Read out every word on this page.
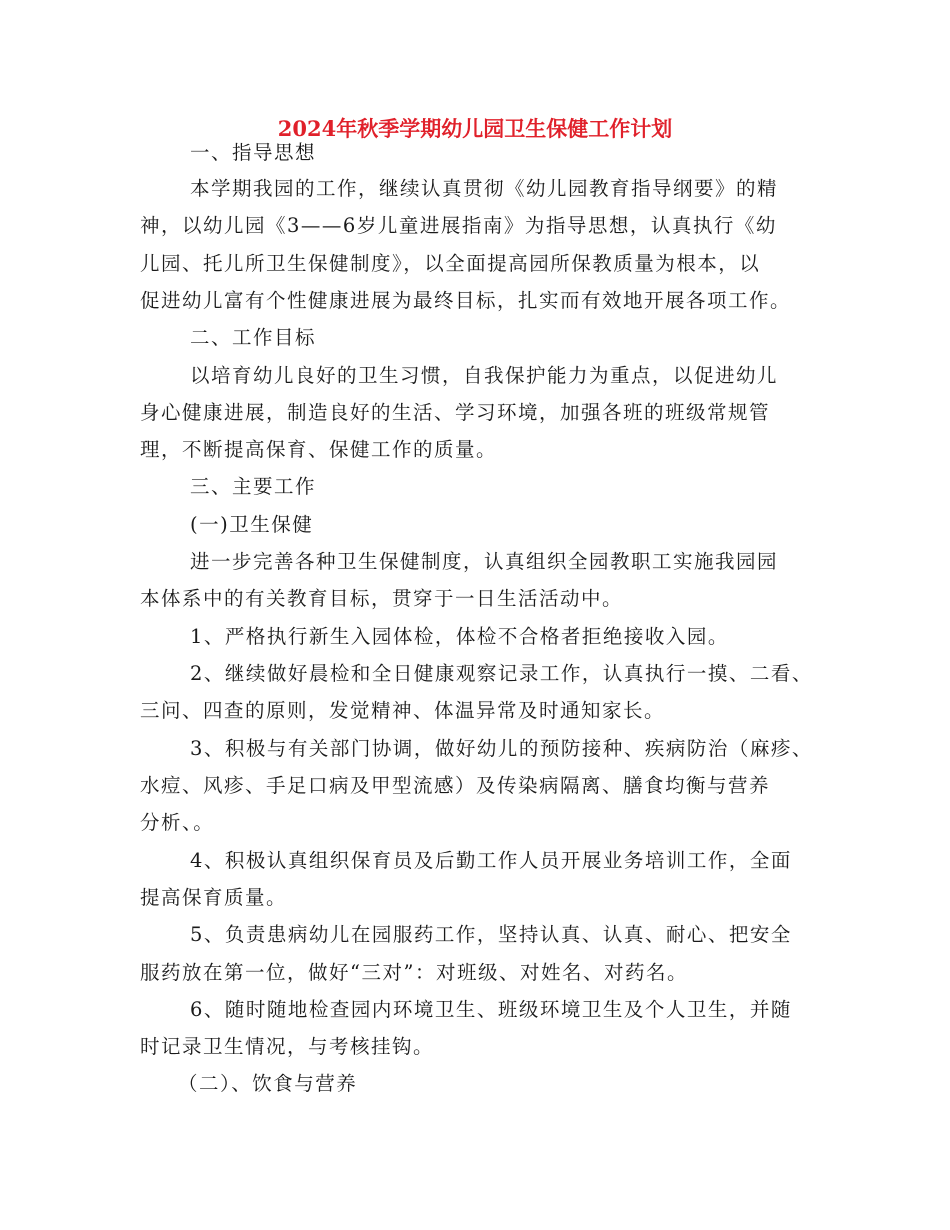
2024年秋季学期幼儿园卫生保健工作计划
一、指导思想
本学期我园的工作，继续认真贯彻《幼儿园教育指导纲要》的精
神，以幼儿园《3——6岁儿童进展指南》为指导思想，认真执行《幼
儿园、托儿所卫生保健制度》，以全面提高园所保教质量为根本，以
促进幼儿富有个性健康进展为最终目标，扎实而有效地开展各项工作。
二、工作目标
以培育幼儿良好的卫生习惯，自我保护能力为重点，以促进幼儿
身心健康进展，制造良好的生活、学习环境，加强各班的班级常规管
理，不断提高保育、保健工作的质量。
三、主要工作
(一)卫生保健
进一步完善各种卫生保健制度，认真组织全园教职工实施我园园
本体系中的有关教育目标，贯穿于一日生活活动中。
1、严格执行新生入园体检，体检不合格者拒绝接收入园。
2、继续做好晨检和全日健康观察记录工作，认真执行一摸、二看、
三问、四查的原则，发觉精神、体温异常及时通知家长。
3、积极与有关部门协调，做好幼儿的预防接种、疾病防治（麻疹、
水痘、风疹、手足口病及甲型流感）及传染病隔离、膳食均衡与营养
分析、。
4、积极认真组织保育员及后勤工作人员开展业务培训工作，全面
提高保育质量。
5、负责患病幼儿在园服药工作，坚持认真、认真、耐心、把安全
服药放在第一位，做好“三对”：对班级、对姓名、对药名。
6、随时随地检查园内环境卫生、班级环境卫生及个人卫生，并随
时记录卫生情况，与考核挂钩。
（二）、饮食与营养
